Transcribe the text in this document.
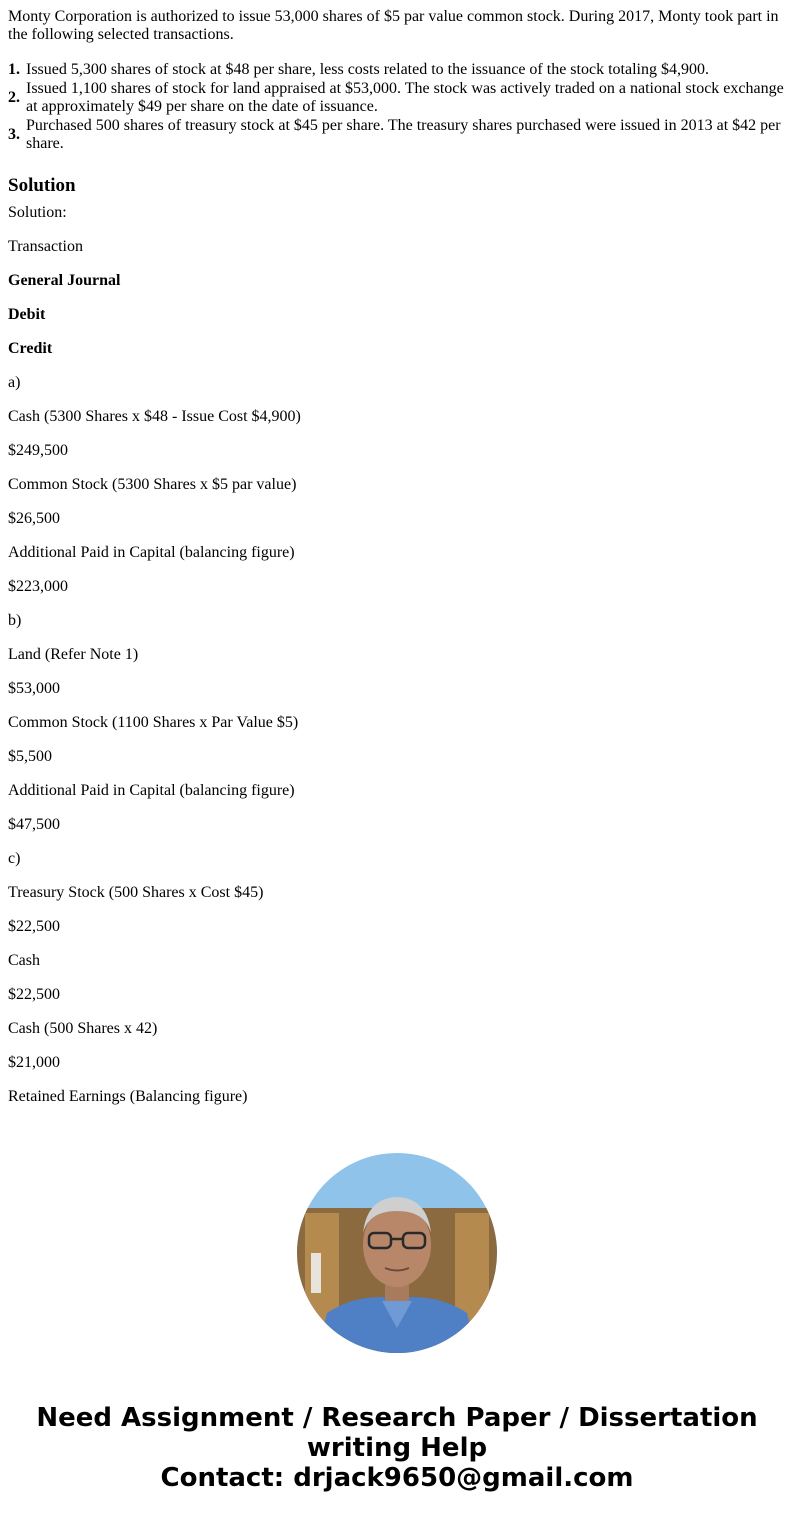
Monty Corporation is authorized to issue 53,000 shares of $5 par value common stock. During 2017, Monty took part in the following selected transactions.

1. Issued 5,300 shares of stock at $48 per share, less costs related to the issuance of the stock totaling $4,900.
2.
Issued 1,100 shares of stock for land appraised at $53,000. The stock was actively traded on a national stock exchange at approximately $49 per share on the date of issuance.
3.
Purchased 500 shares of treasury stock at $45 per share. The treasury shares purchased were issued in 2013 at $42 per share.
Solution
Solution:
Transaction
General Journal
Debit
Credit
a)
Cash (5300 Shares x $48 - Issue Cost $4,900)
$249,500
Common Stock (5300 Shares x $5 par value)
$26,500
Additional Paid in Capital (balancing figure)
$223,000
b)
Land (Refer Note 1)
$53,000
Common Stock (1100 Shares x Par Value $5)
$5,500
Additional Paid in Capital (balancing figure)
$47,500
c)
Treasury Stock (500 Shares x Cost $45)
$22,500
Cash
$22,500
Cash (500 Shares x 42)
$21,000
Retained Earnings (Balancing figure)
Need Assignment / Research Paper / Dissertation
writing Help
Contact: drjack9650@gmail.com
